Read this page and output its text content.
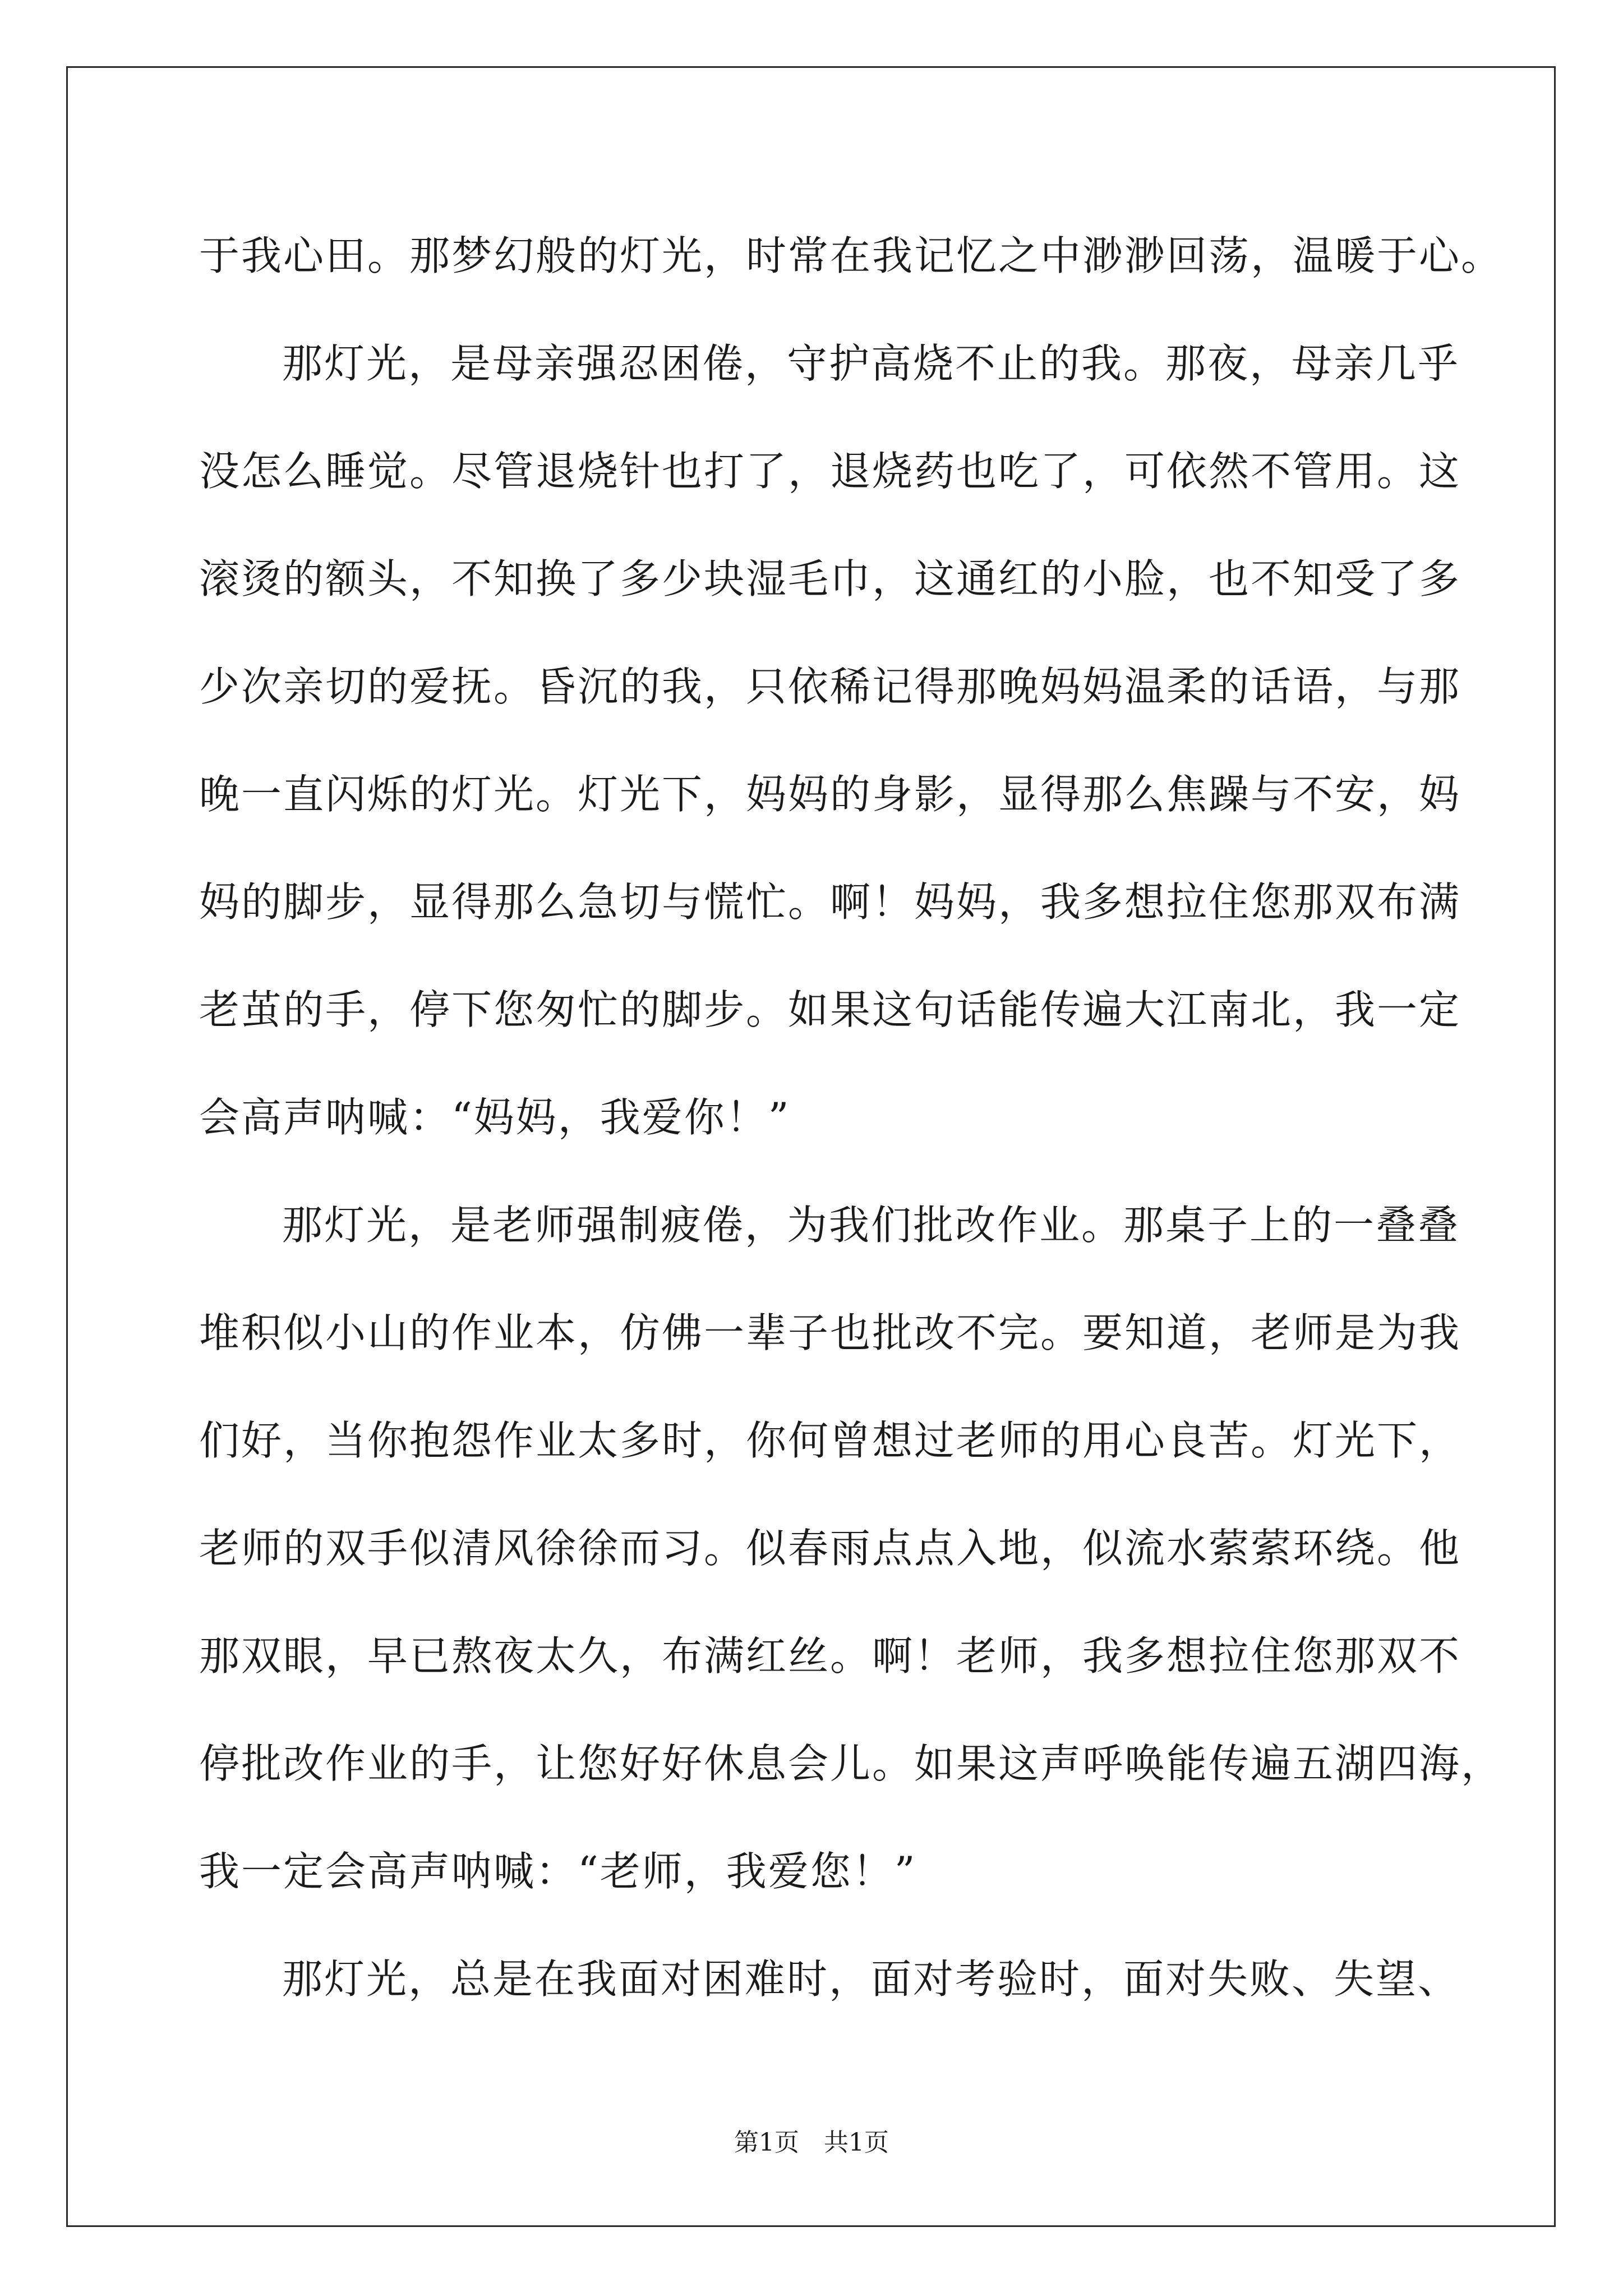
于我心田。那梦幻般的灯光，时常在我记忆之中渺渺回荡，温暖于心。
那灯光，是母亲强忍困倦，守护高烧不止的我。那夜，母亲几乎
没怎么睡觉。尽管退烧针也打了，退烧药也吃了，可依然不管用。这
滚烫的额头，不知换了多少块湿毛巾，这通红的小脸，也不知受了多
少次亲切的爱抚。昏沉的我，只依稀记得那晚妈妈温柔的话语，与那
晚一直闪烁的灯光。灯光下，妈妈的身影，显得那么焦躁与不安，妈
妈的脚步，显得那么急切与慌忙。啊！妈妈，我多想拉住您那双布满
老茧的手，停下您匆忙的脚步。如果这句话能传遍大江南北，我一定
会高声呐喊：“妈妈，我爱你！”
那灯光，是老师强制疲倦，为我们批改作业。那桌子上的一叠叠
堆积似小山的作业本，仿佛一辈子也批改不完。要知道，老师是为我
们好，当你抱怨作业太多时，你何曾想过老师的用心良苦。灯光下，
老师的双手似清风徐徐而习。似春雨点点入地，似流水萦萦环绕。他
那双眼，早已熬夜太久，布满红丝。啊！老师，我多想拉住您那双不
停批改作业的手，让您好好休息会儿。如果这声呼唤能传遍五湖四海，
我一定会高声呐喊：“老师，我爱您！”
那灯光，总是在我面对困难时，面对考验时，面对失败、失望、
第1页 共1页
